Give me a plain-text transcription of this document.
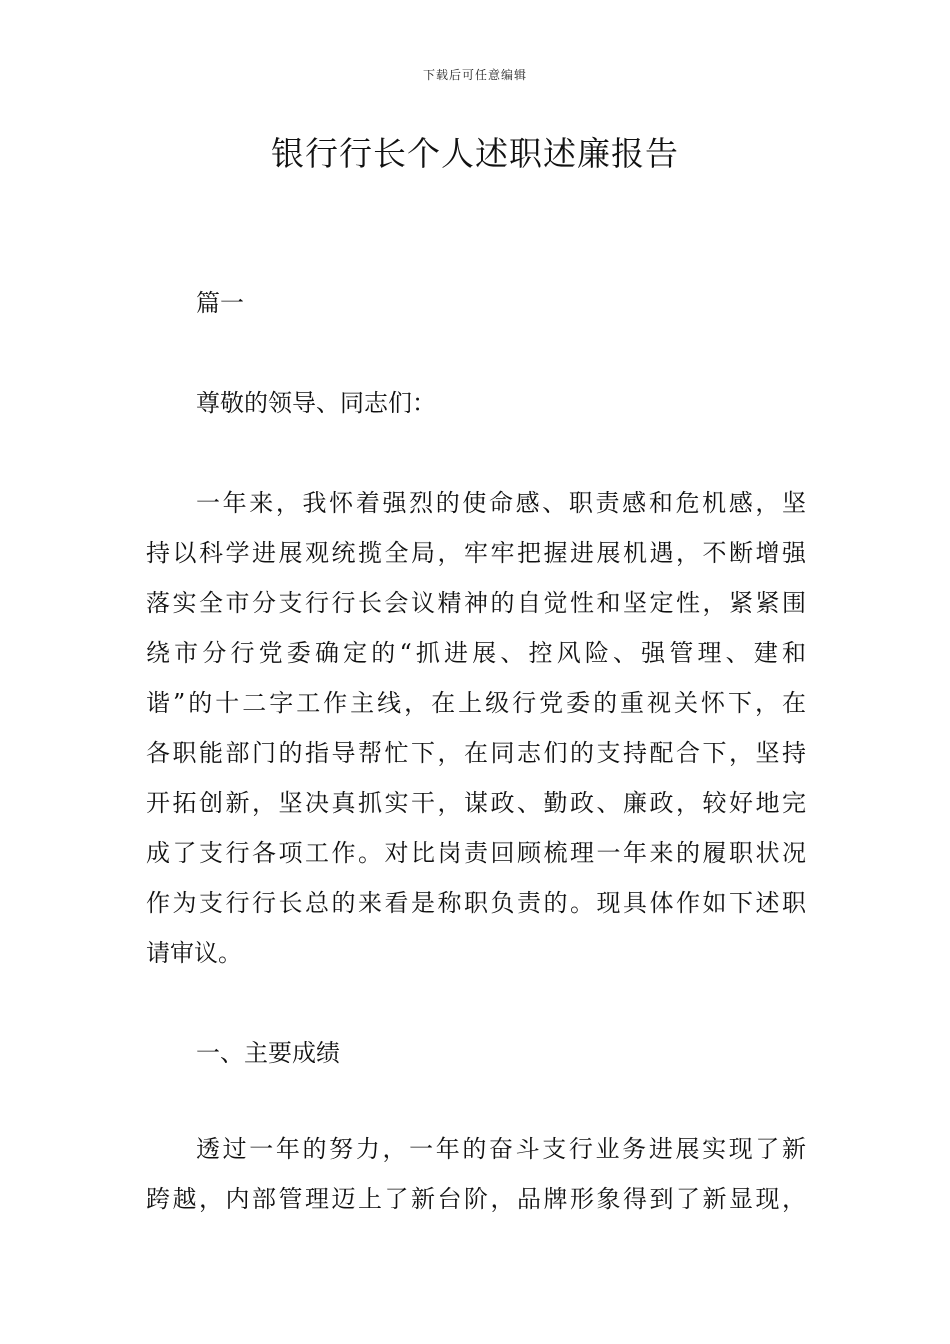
下载后可任意编辑
银行行长个人述职述廉报告

篇一

尊敬的领导、同志们：

一年来，我怀着强烈的使命感、职责感和危机感，坚
持以科学进展观统揽全局，牢牢把握进展机遇，不断增强
落实全市分支行行长会议精神的自觉性和坚定性，紧紧围
绕市分行党委确定的“抓进展、控风险、强管理、建和
谐”的十二字工作主线，在上级行党委的重视关怀下，在
各职能部门的指导帮忙下，在同志们的支持配合下，坚持
开拓创新，坚决真抓实干，谋政、勤政、廉政，较好地完
成了支行各项工作。对比岗责回顾梳理一年来的履职状况
作为支行行长总的来看是称职负责的。现具体作如下述职
请审议。

一、主要成绩

透过一年的努力，一年的奋斗支行业务进展实现了新
跨越，内部管理迈上了新台阶，品牌形象得到了新显现，
